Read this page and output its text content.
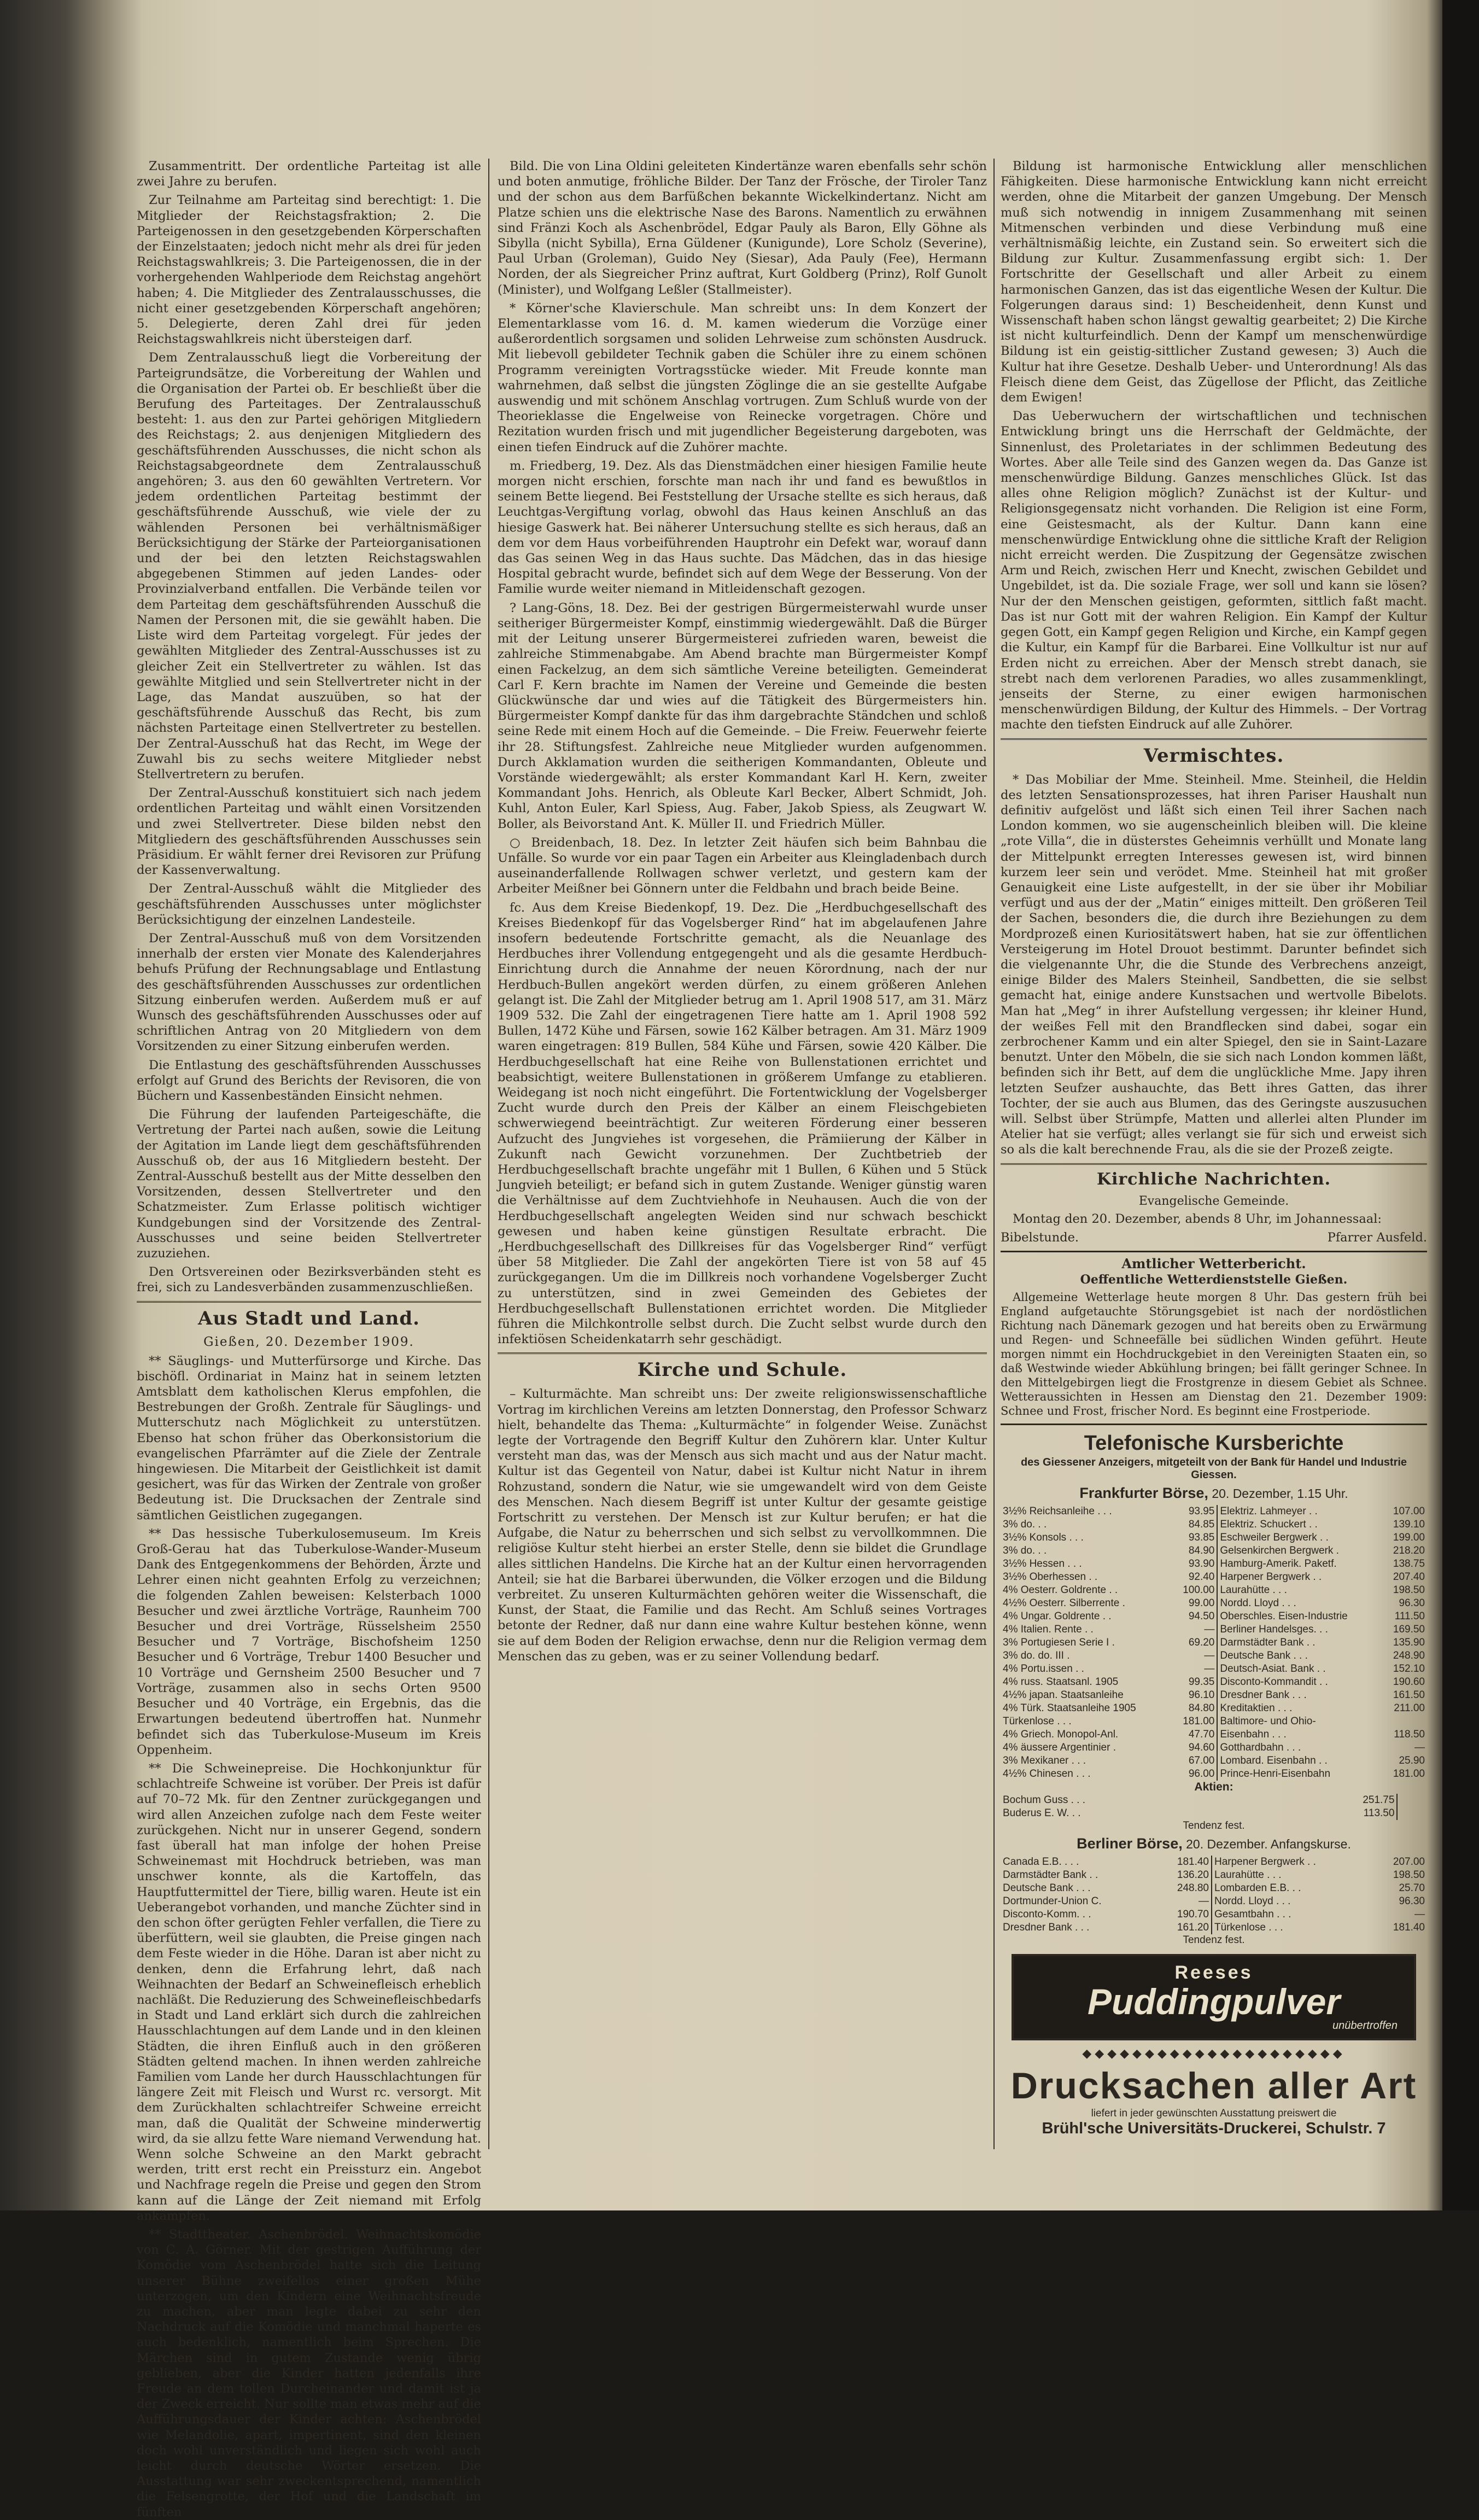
Zusammentritt. Der ordentliche Parteitag ist alle zwei Jahre zu berufen.

Zur Teilnahme am Parteitag sind berechtigt: 1. Die Mitglieder der Reichstagsfraktion; 2. Die Parteigenossen in den gesetzgebenden Körperschaften der Einzelstaaten; jedoch nicht mehr als drei für jeden Reichstagswahlkreis; 3. Die Parteigenossen, die in der vorhergehenden Wahlperiode dem Reichstag angehört haben; 4. Die Mitglieder des Zentralausschusses, die nicht einer gesetzgebenden Körperschaft angehören; 5. Delegierte, deren Zahl drei für jeden Reichstagswahlkreis nicht übersteigen darf.

Dem Zentralausschuß liegt die Vorbereitung der Parteigrundsätze, die Vorbereitung der Wahlen und die Organisation der Partei ob. Er beschließt über die Berufung des Parteitages. Der Zentralausschuß besteht: 1. aus den zur Partei gehörigen Mitgliedern des Reichstags; 2. aus denjenigen Mitgliedern des geschäftsführenden Ausschusses, die nicht schon als Reichstagsabgeordnete dem Zentralausschuß angehören; 3. aus den 60 gewählten Vertretern. Vor jedem ordentlichen Parteitag bestimmt der geschäftsführende Ausschuß, wie viele der zu wählenden Personen bei verhältnismäßiger Berücksichtigung der Stärke der Parteiorganisationen und der bei den letzten Reichstagswahlen abgegebenen Stimmen auf jeden Landes- oder Provinzialverband entfallen. Die Verbände teilen vor dem Parteitag dem geschäftsführenden Ausschuß die Namen der Personen mit, die sie gewählt haben. Die Liste wird dem Parteitag vorgelegt. Für jedes der gewählten Mitglieder des Zentral-Ausschusses ist zu gleicher Zeit ein Stellvertreter zu wählen. Ist das gewählte Mitglied und sein Stellvertreter nicht in der Lage, das Mandat auszuüben, so hat der geschäftsführende Ausschuß das Recht, bis zum nächsten Parteitage einen Stellvertreter zu bestellen. Der Zentral-Ausschuß hat das Recht, im Wege der Zuwahl bis zu sechs weitere Mitglieder nebst Stellvertretern zu berufen.

Der Zentral-Ausschuß konstituiert sich nach jedem ordentlichen Parteitag und wählt einen Vorsitzenden und zwei Stellvertreter. Diese bilden nebst den Mitgliedern des geschäftsführenden Ausschusses sein Präsidium. Er wählt ferner drei Revisoren zur Prüfung der Kassenverwaltung.

Der Zentral-Ausschuß wählt die Mitglieder des geschäftsführenden Ausschusses unter möglichster Berücksichtigung der einzelnen Landesteile.

Der Zentral-Ausschuß muß von dem Vorsitzenden innerhalb der ersten vier Monate des Kalenderjahres behufs Prüfung der Rechnungsablage und Entlastung des geschäftsführenden Ausschusses zur ordentlichen Sitzung einberufen werden. Außerdem muß er auf Wunsch des geschäftsführenden Ausschusses oder auf schriftlichen Antrag von 20 Mitgliedern von dem Vorsitzenden zu einer Sitzung einberufen werden.

Die Entlastung des geschäftsführenden Ausschusses erfolgt auf Grund des Berichts der Revisoren, die von Büchern und Kassenbeständen Einsicht nehmen.

Die Führung der laufenden Parteigeschäfte, die Vertretung der Partei nach außen, sowie die Leitung der Agitation im Lande liegt dem geschäftsführenden Ausschuß ob, der aus 16 Mitgliedern besteht. Der Zentral-Ausschuß bestellt aus der Mitte desselben den Vorsitzenden, dessen Stellvertreter und den Schatzmeister. Zum Erlasse politisch wichtiger Kundgebungen sind der Vorsitzende des Zentral-Ausschusses und seine beiden Stellvertreter zuzuziehen.

Den Ortsvereinen oder Bezirksverbänden steht es frei, sich zu Landesverbänden zusammenzuschließen.

Aus Stadt und Land.
Gießen, 20. Dezember 1909.

** Säuglings- und Mutterfürsorge und Kirche. Das bischöfl. Ordinariat in Mainz hat in seinem letzten Amtsblatt dem katholischen Klerus empfohlen, die Bestrebungen der Großh. Zentrale für Säuglings- und Mutterschutz nach Möglichkeit zu unterstützen. Ebenso hat schon früher das Oberkonsistorium die evangelischen Pfarrämter auf die Ziele der Zentrale hingewiesen. Die Mitarbeit der Geistlichkeit ist damit gesichert, was für das Wirken der Zentrale von großer Bedeutung ist. Die Drucksachen der Zentrale sind sämtlichen Geistlichen zugegangen.

** Das hessische Tuberkulosemuseum. Im Kreis Groß-Gerau hat das Tuberkulose-Wander-Museum Dank des Entgegenkommens der Behörden, Ärzte und Lehrer einen nicht geahnten Erfolg zu verzeichnen; die folgenden Zahlen beweisen: Kelsterbach 1000 Besucher und zwei ärztliche Vorträge, Raunheim 700 Besucher und drei Vorträge, Rüsselsheim 2550 Besucher und 7 Vorträge, Bischofsheim 1250 Besucher und 6 Vorträge, Trebur 1400 Besucher und 10 Vorträge und Gernsheim 2500 Besucher und 7 Vorträge, zusammen also in sechs Orten 9500 Besucher und 40 Vorträge, ein Ergebnis, das die Erwartungen bedeutend übertroffen hat. Nunmehr befindet sich das Tuberkulose-Museum im Kreis Oppenheim.

** Die Schweinepreise. Die Hochkonjunktur für schlachtreife Schweine ist vorüber. Der Preis ist dafür auf 70–72 Mk. für den Zentner zurückgegangen und wird allen Anzeichen zufolge nach dem Feste weiter zurückgehen. Nicht nur in unserer Gegend, sondern fast überall hat man infolge der hohen Preise Schweinemast mit Hochdruck betrieben, was man unschwer konnte, als die Kartoffeln, das Hauptfuttermittel der Tiere, billig waren. Heute ist ein Ueberangebot vorhanden, und manche Züchter sind in den schon öfter gerügten Fehler verfallen, die Tiere zu überfüttern, weil sie glaubten, die Preise gingen nach dem Feste wieder in die Höhe. Daran ist aber nicht zu denken, denn die Erfahrung lehrt, daß nach Weihnachten der Bedarf an Schweinefleisch erheblich nachläßt. Die Reduzierung des Schweinefleischbedarfs in Stadt und Land erklärt sich durch die zahlreichen Hausschlachtungen auf dem Lande und in den kleinen Städten, die ihren Einfluß auch in den größeren Städten geltend machen. In ihnen werden zahlreiche Familien vom Lande her durch Hausschlachtungen für längere Zeit mit Fleisch und Wurst rc. versorgt. Mit dem Zurückhalten schlachtreifer Schweine erreicht man, daß die Qualität der Schweine minderwertig wird, da sie allzu fette Ware niemand Verwendung hat. Wenn solche Schweine an den Markt gebracht werden, tritt erst recht ein Preissturz ein. Angebot und Nachfrage regeln die Preise und gegen den Strom kann auf die Länge der Zeit niemand mit Erfolg ankämpfen.

** Stadttheater. Aschenbrödel. Weihnachtskomödie von C. A. Görner. Mit der gestrigen Aufführung der Komödie vom Aschenbrödel hatte sich die Leitung unserer Bühne zweifellos einer großen Mühe unterzogen, um den Kindern eine Weihnachtsfreude zu machen, aber man legte dabei zu sehr den Nachdruck auf die Komödie und manchmal haperte es auch bedenklich, namentlich beim Sprechen. Die Märchen sind in gutem Zustande wenig übrig geblieben, aber die Kinder hatten jedenfalls ihre Freude an dem tollen Durcheinander und damit ist ja der Zweck erreicht. Nur sollte man etwas mehr auf die Aufführungsdauer der Kinder achten: Aschenbrödel wie Melandolie, apart, impertinent, sind den kleinen doch wohl unverständlich und liegen sich wohl auch leicht durch deutsche Wörter ersetzen. Die Ausstattung war sehr zweckentsprechend, namentlich die Felsengrotte, der Hof und die Landschaft im fünften

Bild. Die von Lina Oldini geleiteten Kindertänze waren ebenfalls sehr schön und boten anmutige, fröhliche Bilder. Der Tanz der Frösche, der Tiroler Tanz und der schon aus dem Barfüßchen bekannte Wickelkindertanz. Nicht am Platze schien uns die elektrische Nase des Barons. Namentlich zu erwähnen sind Fränzi Koch als Aschenbrödel, Edgar Pauly als Baron, Elly Göhne als Sibylla (nicht Sybilla), Erna Güldener (Kunigunde), Lore Scholz (Severine), Paul Urban (Groleman), Guido Ney (Siesar), Ada Pauly (Fee), Hermann Norden, der als Siegreicher Prinz auftrat, Kurt Goldberg (Prinz), Rolf Gunolt (Minister), und Wolfgang Leßler (Stallmeister).

* Körner'sche Klavierschule. Man schreibt uns: In dem Konzert der Elementarklasse vom 16. d. M. kamen wiederum die Vorzüge einer außerordentlich sorgsamen und soliden Lehrweise zum schönsten Ausdruck. Mit liebevoll gebildeter Technik gaben die Schüler ihre zu einem schönen Programm vereinigten Vortragsstücke wieder. Mit Freude konnte man wahrnehmen, daß selbst die jüngsten Zöglinge die an sie gestellte Aufgabe auswendig und mit schönem Anschlag vortrugen. Zum Schluß wurde von der Theorieklasse die Engelweise von Reinecke vorgetragen. Chöre und Rezitation wurden frisch und mit jugendlicher Begeisterung dargeboten, was einen tiefen Eindruck auf die Zuhörer machte.

m. Friedberg, 19. Dez. Als das Dienstmädchen einer hiesigen Familie heute morgen nicht erschien, forschte man nach ihr und fand es bewußtlos in seinem Bette liegend. Bei Feststellung der Ursache stellte es sich heraus, daß Leuchtgas-Vergiftung vorlag, obwohl das Haus keinen Anschluß an das hiesige Gaswerk hat. Bei näherer Untersuchung stellte es sich heraus, daß an dem vor dem Haus vorbeiführenden Hauptrohr ein Defekt war, worauf dann das Gas seinen Weg in das Haus suchte. Das Mädchen, das in das hiesige Hospital gebracht wurde, befindet sich auf dem Wege der Besserung. Von der Familie wurde weiter niemand in Mitleidenschaft gezogen.

? Lang-Göns, 18. Dez. Bei der gestrigen Bürgermeisterwahl wurde unser seitheriger Bürgermeister Kompf, einstimmig wiedergewählt. Daß die Bürger mit der Leitung unserer Bürgermeisterei zufrieden waren, beweist die zahlreiche Stimmenabgabe. Am Abend brachte man Bürgermeister Kompf einen Fackelzug, an dem sich sämtliche Vereine beteiligten. Gemeinderat Carl F. Kern brachte im Namen der Vereine und Gemeinde die besten Glückwünsche dar und wies auf die Tätigkeit des Bürgermeisters hin. Bürgermeister Kompf dankte für das ihm dargebrachte Ständchen und schloß seine Rede mit einem Hoch auf die Gemeinde. – Die Freiw. Feuerwehr feierte ihr 28. Stiftungsfest. Zahlreiche neue Mitglieder wurden aufgenommen. Durch Akklamation wurden die seitherigen Kommandanten, Obleute und Vorstände wiedergewählt; als erster Kommandant Karl H. Kern, zweiter Kommandant Johs. Henrich, als Obleute Karl Becker, Albert Schmidt, Joh. Kuhl, Anton Euler, Karl Spiess, Aug. Faber, Jakob Spiess, als Zeugwart W. Boller, als Beivorstand Ant. K. Müller II. und Friedrich Müller.

○ Breidenbach, 18. Dez. In letzter Zeit häufen sich beim Bahnbau die Unfälle. So wurde vor ein paar Tagen ein Arbeiter aus Kleingladenbach durch auseinanderfallende Rollwagen schwer verletzt, und gestern kam der Arbeiter Meißner bei Gönnern unter die Feldbahn und brach beide Beine.

fc. Aus dem Kreise Biedenkopf, 19. Dez. Die „Herdbuchgesellschaft des Kreises Biedenkopf für das Vogelsberger Rind“ hat im abgelaufenen Jahre insofern bedeutende Fortschritte gemacht, als die Neuanlage des Herdbuches ihrer Vollendung entgegengeht und als die gesamte Herdbuch-Einrichtung durch die Annahme der neuen Körordnung, nach der nur Herdbuch-Bullen angekört werden dürfen, zu einem größeren Anlehen gelangt ist. Die Zahl der Mitglieder betrug am 1. April 1908 517, am 31. März 1909 532. Die Zahl der eingetragenen Tiere hatte am 1. April 1908 592 Bullen, 1472 Kühe und Färsen, sowie 162 Kälber betragen. Am 31. März 1909 waren eingetragen: 819 Bullen, 584 Kühe und Färsen, sowie 420 Kälber. Die Herdbuchgesellschaft hat eine Reihe von Bullenstationen errichtet und beabsichtigt, weitere Bullenstationen in größerem Umfange zu etablieren. Weidegang ist noch nicht eingeführt. Die Fortentwicklung der Vogelsberger Zucht wurde durch den Preis der Kälber an einem Fleischgebieten schwerwiegend beeinträchtigt. Zur weiteren Förderung einer besseren Aufzucht des Jungviehes ist vorgesehen, die Prämiierung der Kälber in Zukunft nach Gewicht vorzunehmen. Der Zuchtbetrieb der Herdbuchgesellschaft brachte ungefähr mit 1 Bullen, 6 Kühen und 5 Stück Jungvieh beteiligt; er befand sich in gutem Zustande. Weniger günstig waren die Verhältnisse auf dem Zuchtviehhofe in Neuhausen. Auch die von der Herdbuchgesellschaft angelegten Weiden sind nur schwach beschickt gewesen und haben keine günstigen Resultate erbracht. Die „Herdbuchgesellschaft des Dillkreises für das Vogelsberger Rind“ verfügt über 58 Mitglieder. Die Zahl der angekörten Tiere ist von 58 auf 45 zurückgegangen. Um die im Dillkreis noch vorhandene Vogelsberger Zucht zu unterstützen, sind in zwei Gemeinden des Gebietes der Herdbuchgesellschaft Bullenstationen errichtet worden. Die Mitglieder führen die Milchkontrolle selbst durch. Die Zucht selbst wurde durch den infektiösen Scheidenkatarrh sehr geschädigt.

Kirche und Schule.

– Kulturmächte. Man schreibt uns: Der zweite religionswissenschaftliche Vortrag im kirchlichen Vereins am letzten Donnerstag, den Professor Schwarz hielt, behandelte das Thema: „Kulturmächte“ in folgender Weise. Zunächst legte der Vortragende den Begriff Kultur den Zuhörern klar. Unter Kultur versteht man das, was der Mensch aus sich macht und aus der Natur macht. Kultur ist das Gegenteil von Natur, dabei ist Kultur nicht Natur in ihrem Rohzustand, sondern die Natur, wie sie umgewandelt wird von dem Geiste des Menschen. Nach diesem Begriff ist unter Kultur der gesamte geistige Fortschritt zu verstehen. Der Mensch ist zur Kultur berufen; er hat die Aufgabe, die Natur zu beherrschen und sich selbst zu vervollkommnen. Die religiöse Kultur steht hierbei an erster Stelle, denn sie bildet die Grundlage alles sittlichen Handelns. Die Kirche hat an der Kultur einen hervorragenden Anteil; sie hat die Barbarei überwunden, die Völker erzogen und die Bildung verbreitet. Zu unseren Kulturmächten gehören weiter die Wissenschaft, die Kunst, der Staat, die Familie und das Recht. Am Schluß seines Vortrages betonte der Redner, daß nur dann eine wahre Kultur bestehen könne, wenn sie auf dem Boden der Religion erwachse, denn nur die Religion vermag dem Menschen das zu geben, was er zu seiner Vollendung bedarf.

Bildung ist harmonische Entwicklung aller menschlichen Fähigkeiten. Diese harmonische Entwicklung kann nicht erreicht werden, ohne die Mitarbeit der ganzen Umgebung. Der Mensch muß sich notwendig in innigem Zusammenhang mit seinen Mitmenschen verbinden und diese Verbindung muß eine verhältnismäßig leichte, ein Zustand sein. So erweitert sich die Bildung zur Kultur. Zusammenfassung ergibt sich: 1. Der Fortschritte der Gesellschaft und aller Arbeit zu einem harmonischen Ganzen, das ist das eigentliche Wesen der Kultur. Die Folgerungen daraus sind: 1) Bescheidenheit, denn Kunst und Wissenschaft haben schon längst gewaltig gearbeitet; 2) Die Kirche ist nicht kulturfeindlich. Denn der Kampf um menschenwürdige Bildung ist ein geistig-sittlicher Zustand gewesen; 3) Auch die Kultur hat ihre Gesetze. Deshalb Ueber- und Unterordnung! Als das Fleisch diene dem Geist, das Zügellose der Pflicht, das Zeitliche dem Ewigen!

Das Ueberwuchern der wirtschaftlichen und technischen Entwicklung bringt uns die Herrschaft der Geldmächte, der Sinnenlust, des Proletariates in der schlimmen Bedeutung des Wortes. Aber alle Teile sind des Ganzen wegen da. Das Ganze ist menschenwürdige Bildung. Ganzes menschliches Glück. Ist das alles ohne Religion möglich? Zunächst ist der Kultur- und Religionsgegensatz nicht vorhanden. Die Religion ist eine Form, eine Geistesmacht, als der Kultur. Dann kann eine menschenwürdige Entwicklung ohne die sittliche Kraft der Religion nicht erreicht werden. Die Zuspitzung der Gegensätze zwischen Arm und Reich, zwischen Herr und Knecht, zwischen Gebildet und Ungebildet, ist da. Die soziale Frage, wer soll und kann sie lösen? Nur der den Menschen geistigen, geformten, sittlich faßt macht. Das ist nur Gott mit der wahren Religion. Ein Kampf der Kultur gegen Gott, ein Kampf gegen Religion und Kirche, ein Kampf gegen die Kultur, ein Kampf für die Barbarei. Eine Vollkultur ist nur auf Erden nicht zu erreichen. Aber der Mensch strebt danach, sie strebt nach dem verlorenen Paradies, wo alles zusammenklingt, jenseits der Sterne, zu einer ewigen harmonischen menschenwürdigen Bildung, der Kultur des Himmels. – Der Vortrag machte den tiefsten Eindruck auf alle Zuhörer.

Vermischtes.

* Das Mobiliar der Mme. Steinheil. Mme. Steinheil, die Heldin des letzten Sensationsprozesses, hat ihren Pariser Haushalt nun definitiv aufgelöst und läßt sich einen Teil ihrer Sachen nach London kommen, wo sie augenscheinlich bleiben will. Die kleine „rote Villa“, die in düsterstes Geheimnis verhüllt und Monate lang der Mittelpunkt erregten Interesses gewesen ist, wird binnen kurzem leer sein und verödet. Mme. Steinheil hat mit großer Genauigkeit eine Liste aufgestellt, in der sie über ihr Mobiliar verfügt und aus der der „Matin“ einiges mitteilt. Den größeren Teil der Sachen, besonders die, die durch ihre Beziehungen zu dem Mordprozeß einen Kuriositätswert haben, hat sie zur öffentlichen Versteigerung im Hotel Drouot bestimmt. Darunter befindet sich die vielgenannte Uhr, die die Stunde des Verbrechens anzeigt, einige Bilder des Malers Steinheil, Sandbetten, die sie selbst gemacht hat, einige andere Kunstsachen und wertvolle Bibelots. Man hat „Meg“ in ihrer Aufstellung vergessen; ihr kleiner Hund, der weißes Fell mit den Brandflecken sind dabei, sogar ein zerbrochener Kamm und ein alter Spiegel, den sie in Saint-Lazare benutzt. Unter den Möbeln, die sie sich nach London kommen läßt, befinden sich ihr Bett, auf dem die unglückliche Mme. Japy ihren letzten Seufzer aushauchte, das Bett ihres Gatten, das ihrer Tochter, der sie auch aus Blumen, das des Geringste auszusuchen will. Selbst über Strümpfe, Matten und allerlei alten Plunder im Atelier hat sie verfügt; alles verlangt sie für sich und erweist sich so als die kalt berechnende Frau, als die sie der Prozeß zeigte.

Kirchliche Nachrichten.
Evangelische Gemeinde.
Montag den 20. Dezember, abends 8 Uhr, im Johannessaal:
Bibelstunde.	Pfarrer Ausfeld.
Amtlicher Wetterbericht.
Oeffentliche Wetterdienststelle Gießen.

Allgemeine Wetterlage heute morgen 8 Uhr. Das gestern früh bei England aufgetauchte Störungsgebiet ist nach der nordöstlichen Richtung nach Dänemark gezogen und hat bereits oben zu Erwärmung und Regen- und Schneefälle bei südlichen Winden geführt. Heute morgen nimmt ein Hochdruckgebiet in den Vereinigten Staaten ein, so daß Westwinde wieder Abkühlung bringen; bei fällt geringer Schnee. In den Mittelgebirgen liegt die Frostgrenze in diesem Gebiet als Schnee. Wetteraussichten in Hessen am Dienstag den 21. Dezember 1909: Schnee und Frost, frischer Nord. Es beginnt eine Frostperiode.

Telefonische Kursberichte
des Giessener Anzeigers, mitgeteilt von der Bank für Handel und Industrie Giessen.
Frankfurter Börse, 20. Dezember, 1.15 Uhr.
3½% Reichsanleihe . . .	93.95	Elektriz. Lahmeyer . .	107.00
3% do. . .	84.85	Elektriz. Schuckert . .	139.10
3½% Konsols . . .	93.85	Eschweiler Bergwerk . .	199.00
3% do. . .	84.90	Gelsenkirchen Bergwerk .	218.20
3½% Hessen . . .	93.90	Hamburg-Amerik. Paketf.	138.75
3½% Oberhessen . .	92.40	Harpener Bergwerk . .	207.40
4% Oesterr. Goldrente . .	100.00	Laurahütte . . .	198.50
4½% Oesterr. Silberrente .	99.00	Nordd. Lloyd . . .	96.30
4% Ungar. Goldrente . .	94.50	Oberschles. Eisen-Industrie	111.50
4% Italien. Rente . .	—	Berliner Handelsges. . .	169.50
3% Portugiesen Serie I .	69.20	Darmstädter Bank . .	135.90
3% do. do. III .	—	Deutsche Bank . . .	248.90
4% Portu.issen . .	—	Deutsch-Asiat. Bank . .	152.10
4% russ. Staatsanl. 1905	99.35	Disconto-Kommandit . .	190.60
4½% japan. Staatsanleihe	96.10	Dresdner Bank . . .	161.50
4% Türk. Staatsanleihe 1905	84.80	Kreditaktien . . .	211.00
Türkenlose . . .	181.00	Baltimore- und Ohio-	
4% Griech. Monopol-Anl.	47.70	Eisenbahn . . .	118.50
4% äussere Argentinier .	94.60	Gotthardbahn . . .	—
3% Mexikaner . . .	67.00	Lombard. Eisenbahn . .	25.90
4½% Chinesen . . .	96.00	Prince-Henri-Eisenbahn	181.00
Aktien:
Bochum Guss . . .	251.75		
Buderus E. W. . .	113.50		
Tendenz fest.
Berliner Börse, 20. Dezember. Anfangskurse.
Canada E.B. . . .	181.40	Harpener Bergwerk . .	207.00
Darmstädter Bank . .	136.20	Laurahütte . . .	198.50
Deutsche Bank . . .	248.80	Lombarden E.B. . .	25.70
Dortmunder-Union C.	—	Nordd. Lloyd . . .	96.30
Disconto-Komm. . .	190.70	Gesamtbahn . . .	—
Dresdner Bank . . .	161.20	Türkenlose . . .	181.40
Tendenz fest.
Reeses
Puddingpulver
unübertroffen
◆◆◆◆◆◆◆◆◆◆◆◆◆◆◆◆◆◆◆◆◆
Drucksachen aller Art
liefert in jeder gewünschten Ausstattung preiswert die
Brühl'sche Universitäts-Druckerei, Schulstr. 7
